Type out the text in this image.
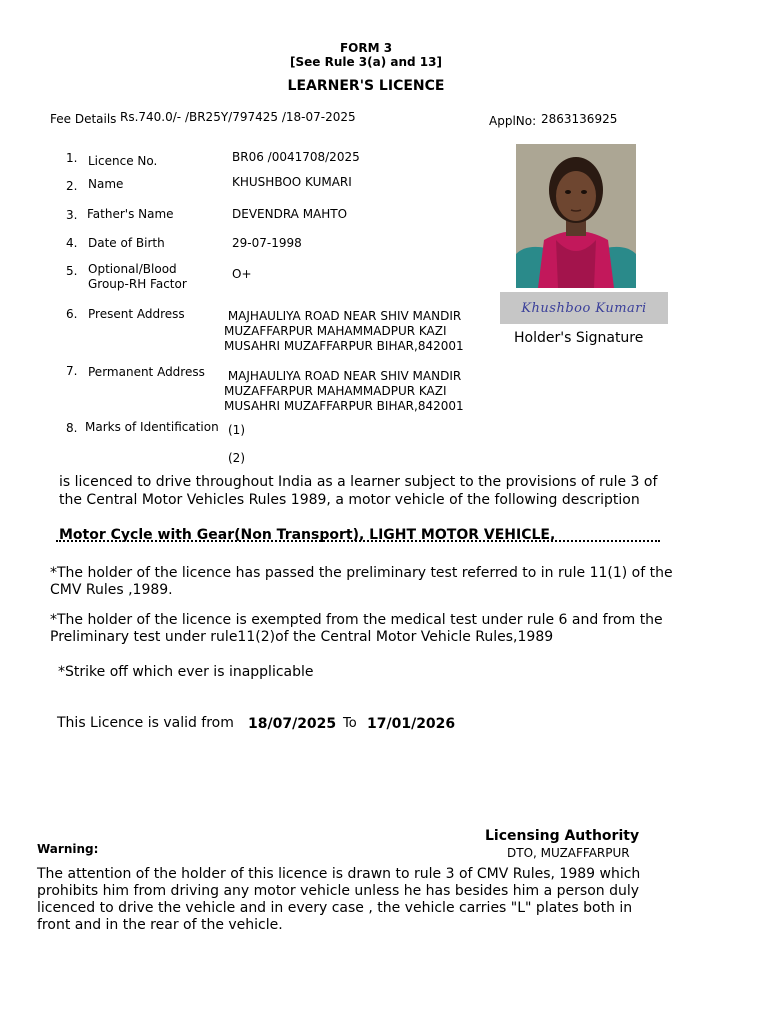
FORM 3
[See Rule 3(a) and 13]
LEARNER'S LICENCE
Fee Details Rs.740.0/- /BR25Y/797425 /18-07-2025	ApplNo: 2863136925
1. Licence No.	BR06 /0041708/2025
2. Name	KHUSHBOO KUMARI
3. Father's Name	DEVENDRA MAHTO
4. Date of Birth	29-07-1998
5. Optional/Blood
Group-RH Factor
O+
6. Present Address	MAJHAULIYA ROAD NEAR SHIV MANDIR
MUZAFFARPUR MAHAMMADPUR KAZI
MUSAHRI MUZAFFARPUR BIHAR,842001
7. Permanent Address MAJHAULIYA ROAD NEAR SHIV MANDIR
MUZAFFARPUR MAHAMMADPUR KAZI
MUSAHRI MUZAFFARPUR BIHAR,842001
8. Marks of Identification (1)
(2)
Khushboo Kumari
Holder's Signature
is licenced to drive throughout India as a learner subject to the provisions of rule 3 of
the Central Motor Vehicles Rules 1989, a motor vehicle of the following description
Motor Cycle with Gear(Non Transport), LIGHT MOTOR VEHICLE,
*The holder of the licence has passed the preliminary test referred to in rule 11(1) of the CMV Rules ,1989.
*The holder of the licence is exempted from the medical test under rule 6 and from the Preliminary test under rule11(2)of the Central Motor Vehicle Rules,1989
*Strike off which ever is inapplicable
This Licence is valid from 18/07/2025 To 17/01/2026
Licensing Authority
DTO, MUZAFFARPUR
Warning:
The attention of the holder of this licence is drawn to rule 3 of CMV Rules, 1989 which prohibits him from driving any motor vehicle unless he has besides him a person duly licenced to drive the vehicle and in every case , the vehicle carries "L" plates both in front and in the rear of the vehicle.
